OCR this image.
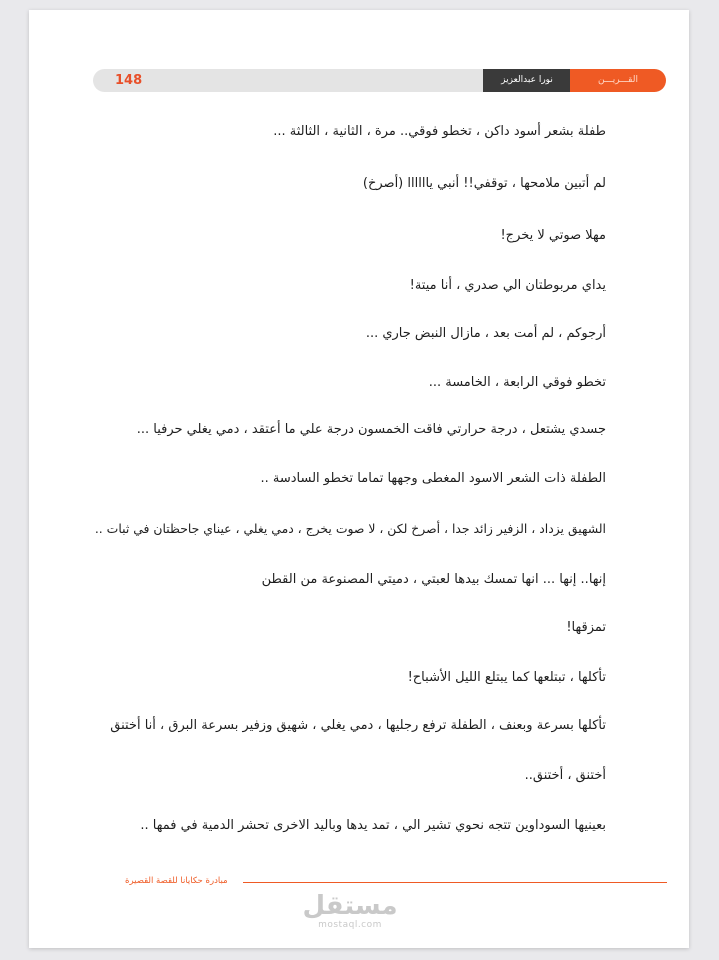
148	نورا عبدالعزيز	القـــريـــن

طفلة بشعر أسود داكن ، تخطو فوقي.. مرة ، الثانية ، الثالثة ...

لم أتبين ملامحها ، توقفي!! أنبي ياااااا (أصرخ)

مهلا صوتي لا يخرج!

يداي مربوطتان الي صدري ، أنا ميتة!

أرجوكم ، لم أمت بعد ، مازال النبض جاري ...

تخطو فوقي الرابعة ، الخامسة ...

جسدي يشتعل ، درجة حرارتي فاقت الخمسون درجة علي ما أعتقد ، دمي يغلي حرفيا ...

الطفلة ذات الشعر الاسود المغطى وجهها تماما تخطو السادسة ..

الشهيق يزداد ، الزفير زائد جدا ، أصرخ لكن ، لا صوت يخرج ، دمي يغلي ، عيناي جاحظتان في ثبات ..

إنها.. إنها ... انها تمسك بيدها لعبتي ، دميتي المصنوعة من القطن

تمزقها!

تأكلها ، تبتلعها كما يبتلع الليل الأشباح!

تأكلها بسرعة وبعنف ، الطفلة ترفع رجليها ، دمي يغلي ، شهيق وزفير بسرعة البرق ، أنا أختنق

أختنق ، أختنق..

بعينيها السوداوين تتجه نحوي تشير الي ، تمد يدها وباليد الاخرى تحشر الدمية في فمها ..

مبادرة حكايانا للقصة القصيرة
مستقل
mostaql.com
